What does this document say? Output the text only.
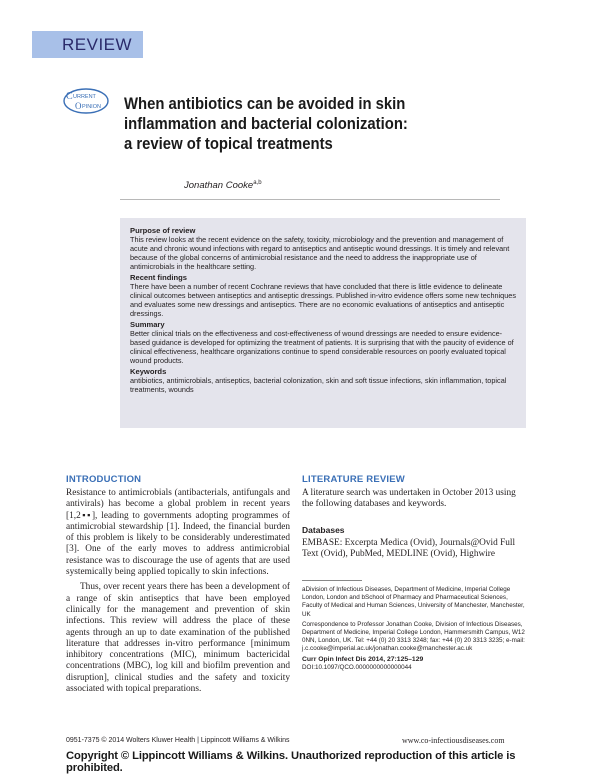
REVIEW
C URRENT
O PINION When antibiotics can be avoided in skin
inflammation and bacterial colonization:
a review of topical treatments
Jonathan Cooke$^{a,b}$
Purpose of review

This review looks at the recent evidence on the safety, toxicity, microbiology and the prevention and management of acute and chronic wound infections with regard to antiseptics and antiseptic wound dressings. It is timely and relevant because of the global concerns of antimicrobial resistance and the need to address the inappropriate use of antimicrobials in the healthcare setting.

Recent findings

There have been a number of recent Cochrane reviews that have concluded that there is little evidence to delineate clinical outcomes between antiseptics and antiseptic dressings. Published in-vitro evidence offers some new techniques and evaluates some new dressings and antiseptics. There are no economic evaluations of antiseptics and antiseptic dressings.

Summary

Better clinical trials on the effectiveness and cost-effectiveness of wound dressings are needed to ensure evidence-based guidance is developed for optimizing the treatment of patients. It is surprising that with the paucity of evidence of clinical effectiveness, healthcare organizations continue to spend considerable resources on poorly evaluated topical wound products.

Keywords

antibiotics, antimicrobials, antiseptics, bacterial colonization, skin and soft tissue infections, skin inflammation, topical treatments, wounds

INTRODUCTION

Resistance to antimicrobials (antibacterials, antifungals and antivirals) has become a global problem in recent years [1,2▪▪], leading to governments adopting programmes of antimicrobial stewardship [1]. Indeed, the financial burden of this problem is likely to be considerably underestimated [3]. One of the early moves to address antimicrobial resistance was to discourage the use of agents that are used systemically being applied topically to skin infections.

Thus, over recent years there has been a development of a range of skin antiseptics that have been employed clinically for the management and prevention of skin infections. This review will address the place of these agents through an up to date examination of the published literature that addresses in-vitro performance [minimum inhibitory concentrations (MIC), minimum bactericidal concentrations (MBC), log kill and biofilm prevention and disruption], clinical studies and the safety and toxicity associated with topical preparations.

LITERATURE REVIEW

A literature search was undertaken in October 2013 using the following databases and keywords.

Databases

EMBASE: Excerpta Medica (Ovid), Journals@Ovid Full Text (Ovid), PubMed, MEDLINE (Ovid), Highwire

aDivision of Infectious Diseases, Department of Medicine, Imperial College London, London and bSchool of Pharmacy and Pharmaceutical Sciences, Faculty of Medical and Human Sciences, University of Manchester, Manchester, UK

Correspondence to Professor Jonathan Cooke, Division of Infectious Diseases, Department of Medicine, Imperial College London, Hammersmith Campus, W12 0NN, London, UK. Tel: +44 (0) 20 3313 3248; fax: +44 (0) 20 3313 3235; e-mail: j.c.cooke@imperial.ac.uk/jonathan.cooke@manchester.ac.uk

Curr Opin Infect Dis 2014, 27:125–129

DOI:10.1097/QCO.0000000000000044

0951-7375 © 2014 Wolters Kluwer Health | Lippincott Williams & Wilkins	www.co-infectiousdiseases.com
Copyright © Lippincott Williams & Wilkins. Unauthorized reproduction of this article is prohibited.
